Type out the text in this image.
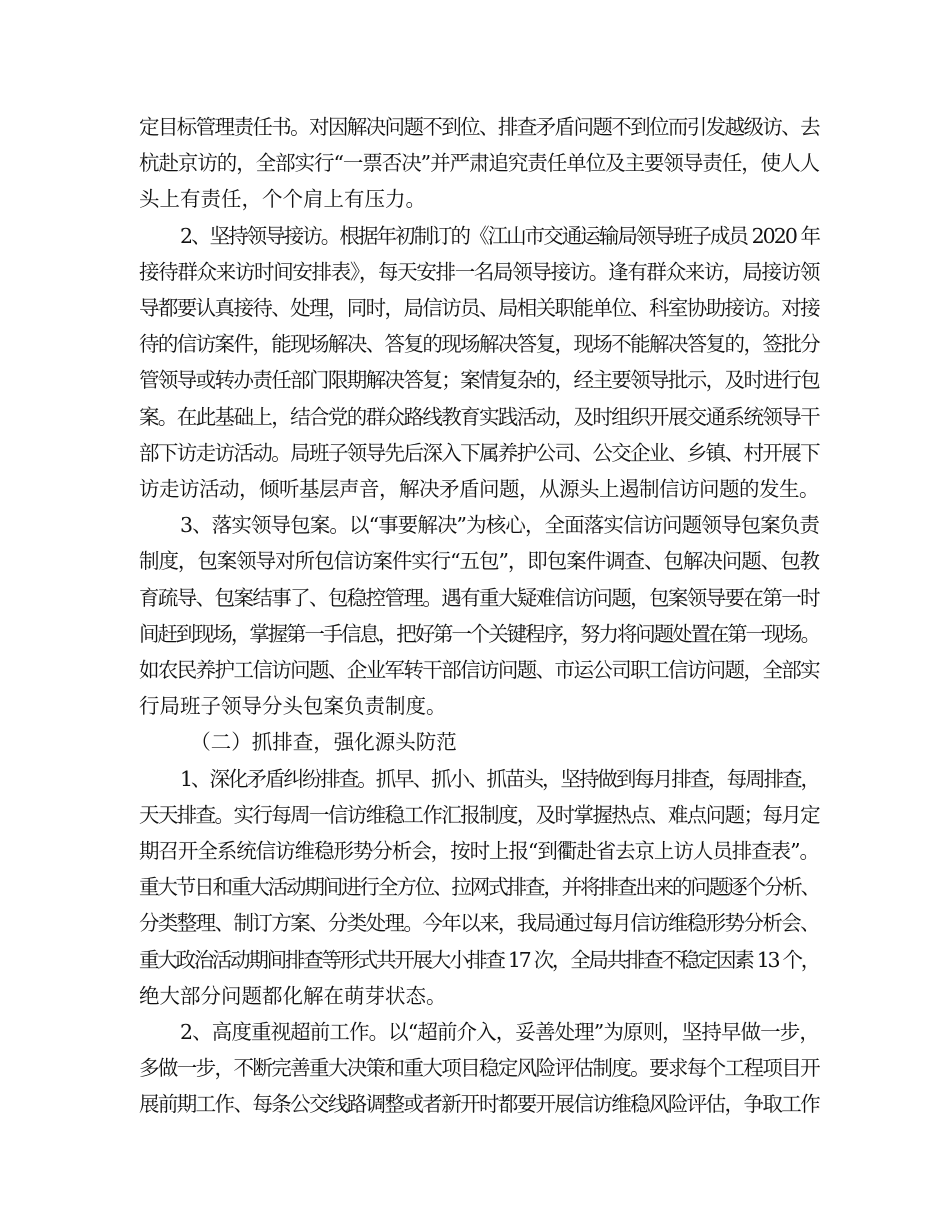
定目标管理责任书。对因解决问题不到位、排查矛盾问题不到位而引发越级访、去
杭赴京访的，全部实行“一票否决”并严肃追究责任单位及主要领导责任，使人人
头上有责任，个个肩上有压力。
2、坚持领导接访。根据年初制订的《江山市交通运输局领导班子成员 2020 年
接待群众来访时间安排表》，每天安排一名局领导接访。逢有群众来访，局接访领
导都要认真接待、处理，同时，局信访员、局相关职能单位、科室协助接访。对接
待的信访案件，能现场解决、答复的现场解决答复，现场不能解决答复的，签批分
管领导或转办责任部门限期解决答复；案情复杂的，经主要领导批示，及时进行包
案。在此基础上，结合党的群众路线教育实践活动，及时组织开展交通系统领导干
部下访走访活动。局班子领导先后深入下属养护公司、公交企业、乡镇、村开展下
访走访活动，倾听基层声音，解决矛盾问题，从源头上遏制信访问题的发生。
3、落实领导包案。以“事要解决”为核心，全面落实信访问题领导包案负责
制度，包案领导对所包信访案件实行“五包”，即包案件调查、包解决问题、包教
育疏导、包案结事了、包稳控管理。遇有重大疑难信访问题，包案领导要在第一时
间赶到现场，掌握第一手信息，把好第一个关键程序，努力将问题处置在第一现场。
如农民养护工信访问题、企业军转干部信访问题、市运公司职工信访问题，全部实
行局班子领导分头包案负责制度。
（二）抓排查，强化源头防范
1、深化矛盾纠纷排查。抓早、抓小、抓苗头，坚持做到每月排查，每周排查，
天天排查。实行每周一信访维稳工作汇报制度，及时掌握热点、难点问题；每月定
期召开全系统信访维稳形势分析会，按时上报“到衢赴省去京上访人员排查表”。
重大节日和重大活动期间进行全方位、拉网式排查，并将排查出来的问题逐个分析、
分类整理、制订方案、分类处理。今年以来，我局通过每月信访维稳形势分析会、
重大政治活动期间排查等形式共开展大小排查 17 次，全局共排查不稳定因素 13 个，
绝大部分问题都化解在萌芽状态。
2、高度重视超前工作。以“超前介入，妥善处理”为原则，坚持早做一步，
多做一步，不断完善重大决策和重大项目稳定风险评估制度。要求每个工程项目开
展前期工作、每条公交线路调整或者新开时都要开展信访维稳风险评估，争取工作
